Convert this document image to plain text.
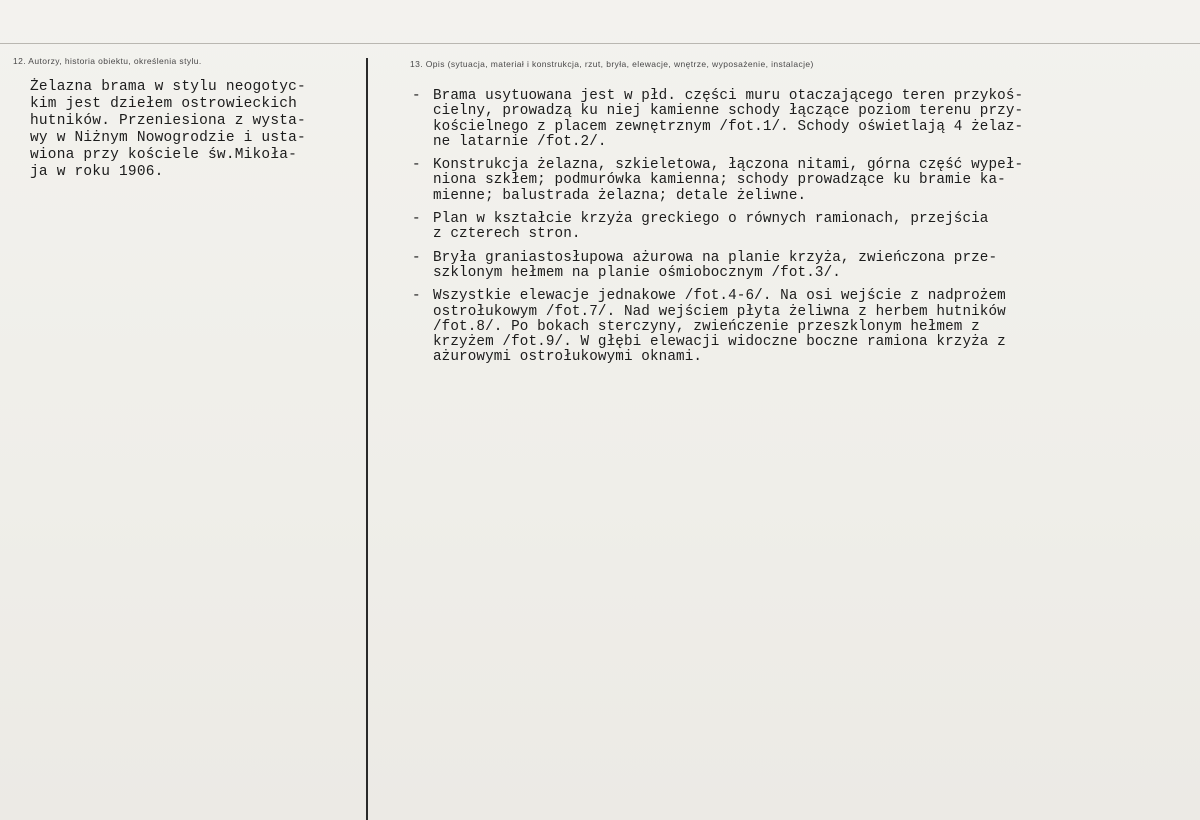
12. Autorzy, historia obiektu, określenia stylu.	13. Opis (sytuacja, materiał i konstrukcja, rzut, bryła, elewacje, wnętrze, wyposażenie, instalacje)
Żelazna brama w stylu neogotyc-
kim jest dziełem ostrowieckich
hutników. Przeniesiona z wysta-
wy w Niżnym Nowogrodzie i usta-
wiona przy kościele św.Mikoła-
ja w roku 1906.
- Brama usytuowana jest w płd. części muru otaczającego teren przykoś-
cielny, prowadzą ku niej kamienne schody łączące poziom terenu przy-
kościelnego z placem zewnętrznym /fot.1/. Schody oświetlają 4 żelaz-
ne latarnie /fot.2/.
- Konstrukcja żelazna, szkieletowa, łączona nitami, górna część wypeł-
niona szkłem; podmurówka kamienna; schody prowadzące ku bramie ka-
mienne; balustrada żelazna; detale żeliwne.
- Plan w kształcie krzyża greckiego o równych ramionach, przejścia
z czterech stron.
- Bryła graniastosłupowa ażurowa na planie krzyża, zwieńczona prze-
szklonym hełmem na planie ośmiobocznym /fot.3/.
- Wszystkie elewacje jednakowe /fot.4-6/. Na osi wejście z nadprożem
ostrołukowym /fot.7/. Nad wejściem płyta żeliwna z herbem hutników
/fot.8/. Po bokach sterczyny, zwieńczenie przeszklonym hełmem z
krzyżem /fot.9/. W głębi elewacji widoczne boczne ramiona krzyża z
ażurowymi ostrołukowymi oknami.
